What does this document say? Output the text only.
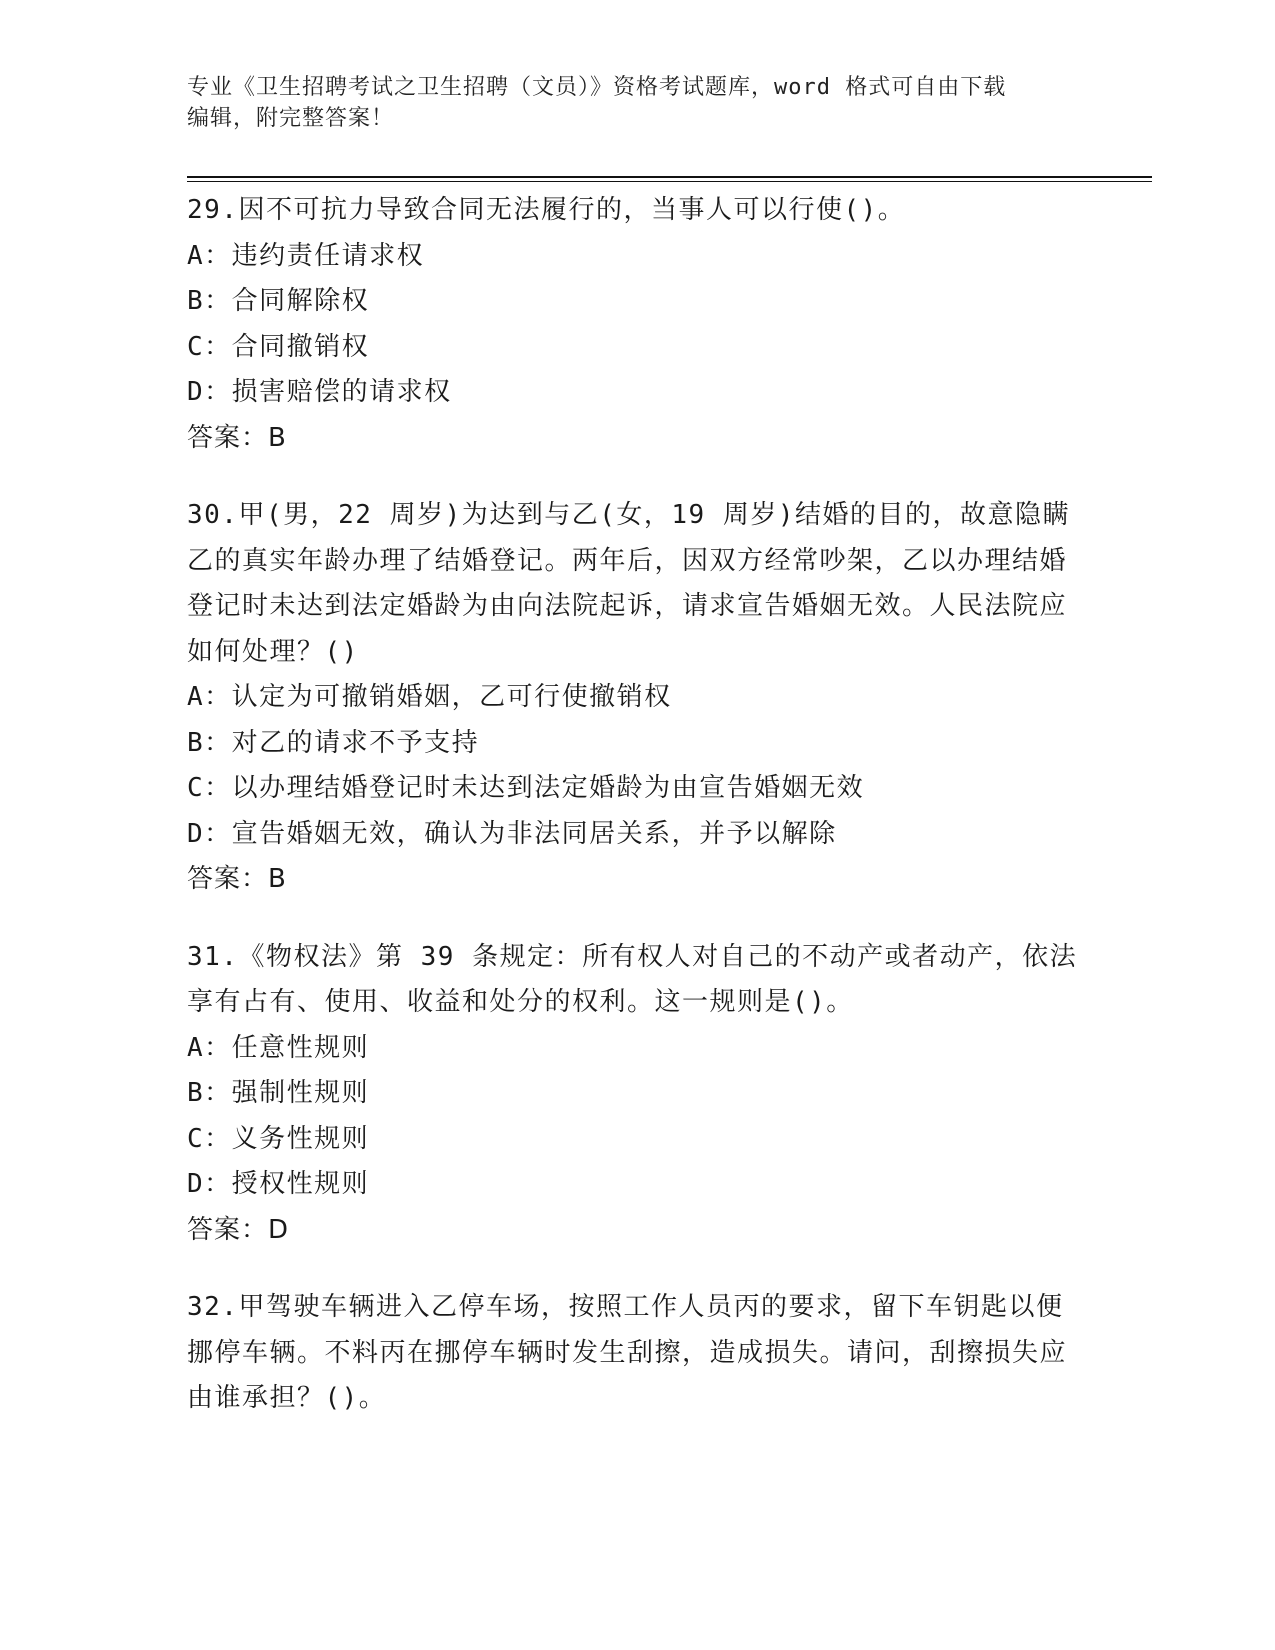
专业《卫生招聘考试之卫生招聘（文员）》资格考试题库，word 格式可自由下载
编辑，附完整答案！

29.因不可抗力导致合同无法履行的，当事人可以行使()。

A：违约责任请求权

B：合同解除权

C：合同撤销权

D：损害赔偿的请求权

答案：B

30.甲(男，22 周岁)为达到与乙(女，19 周岁)结婚的目的，故意隐瞒乙的真实年龄办理了结婚登记。两年后，因双方经常吵架，乙以办理结婚登记时未达到法定婚龄为由向法院起诉，请求宣告婚姻无效。人民法院应如何处理？()

A：认定为可撤销婚姻，乙可行使撤销权

B：对乙的请求不予支持

C：以办理结婚登记时未达到法定婚龄为由宣告婚姻无效

D：宣告婚姻无效，确认为非法同居关系，并予以解除

答案：B

31.《物权法》第 39 条规定：所有权人对自己的不动产或者动产，依法享有占有、使用、收益和处分的权利。这一规则是()。

A：任意性规则

B：强制性规则

C：义务性规则

D：授权性规则

答案：D

32.甲驾驶车辆进入乙停车场，按照工作人员丙的要求，留下车钥匙以便挪停车辆。不料丙在挪停车辆时发生刮擦，造成损失。请问，刮擦损失应由谁承担？()。
